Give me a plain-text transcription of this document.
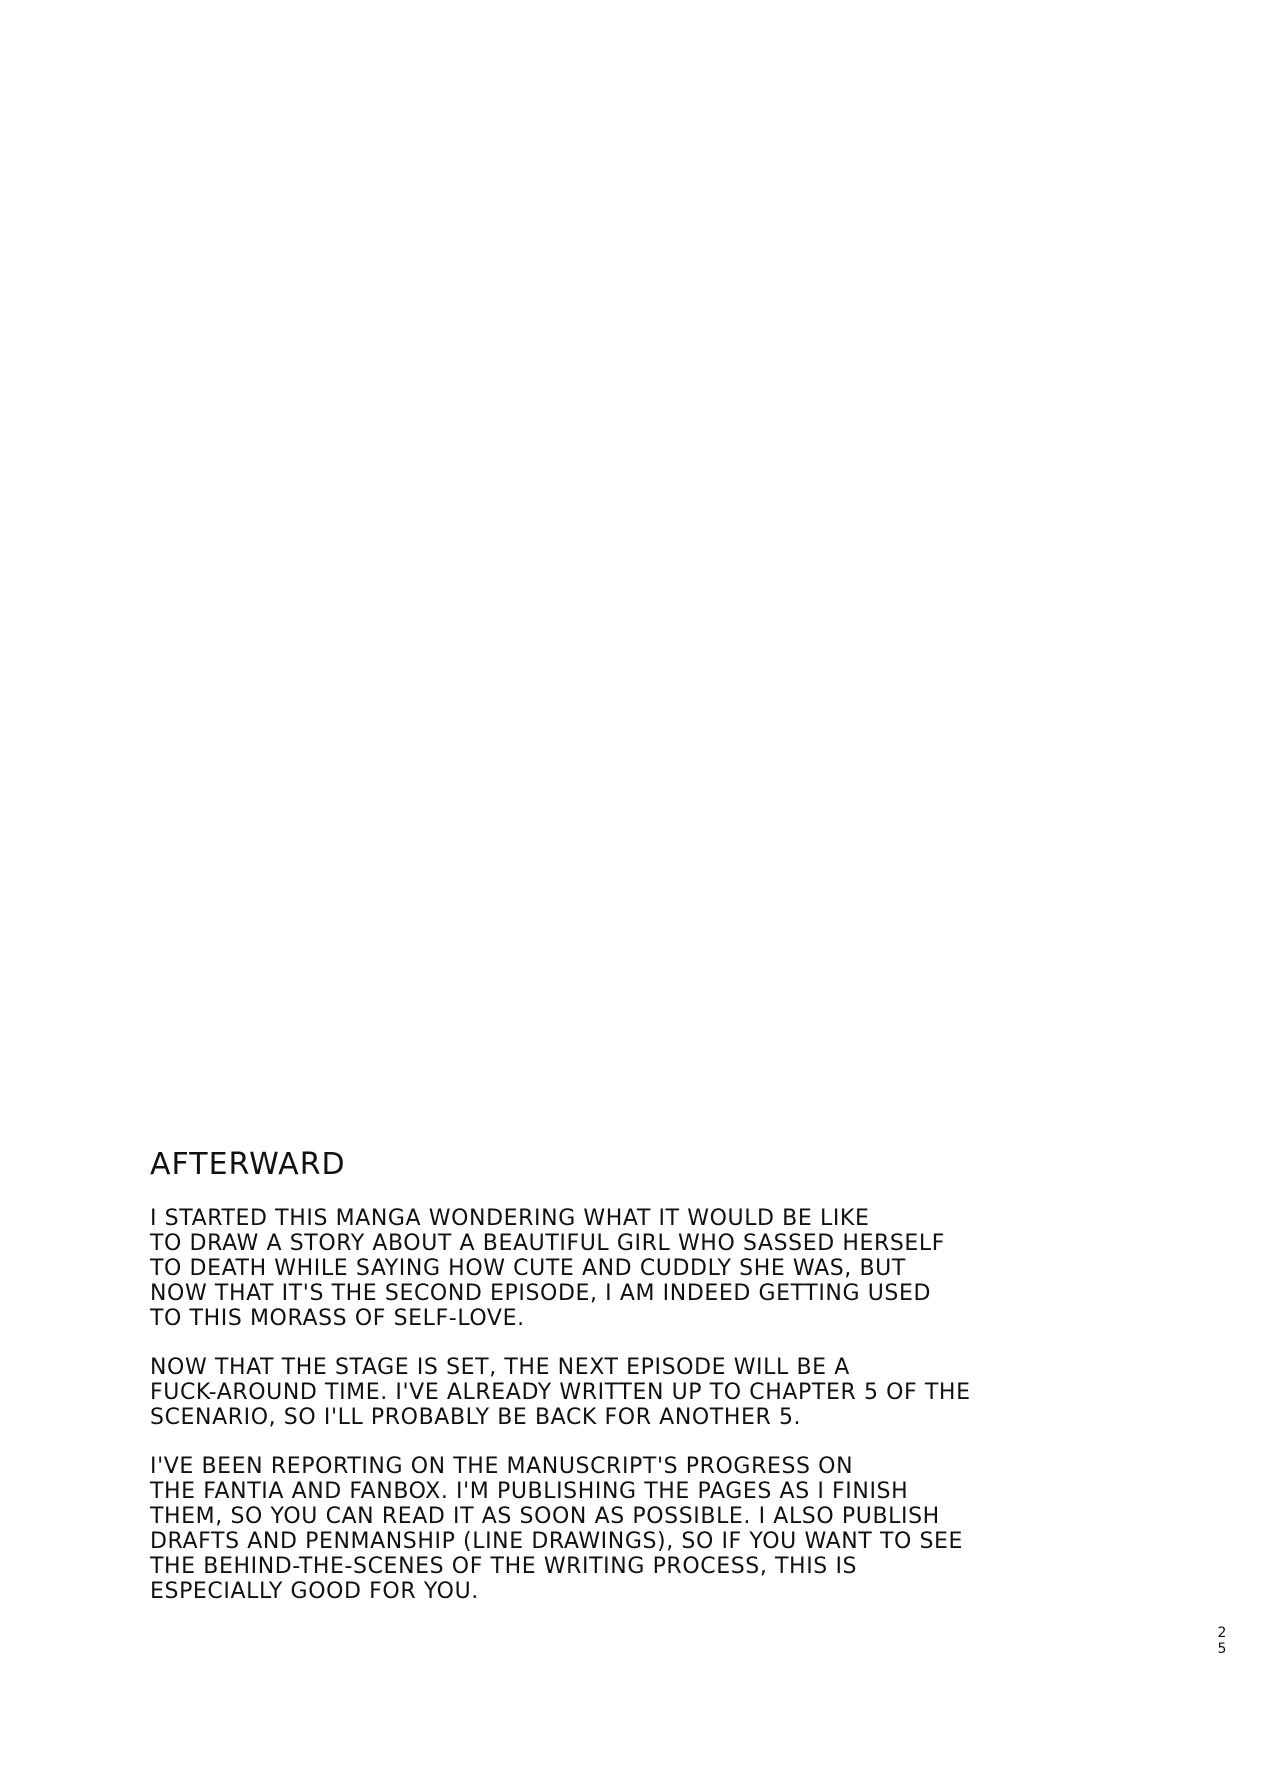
AFTERWARD
I STARTED THIS MANGA WONDERING WHAT IT WOULD BE LIKE
TO DRAW A STORY ABOUT A BEAUTIFUL GIRL WHO SASSED HERSELF
TO DEATH WHILE SAYING HOW CUTE AND CUDDLY SHE WAS, BUT
NOW THAT IT'S THE SECOND EPISODE, I AM INDEED GETTING USED
TO THIS MORASS OF SELF-LOVE.
NOW THAT THE STAGE IS SET, THE NEXT EPISODE WILL BE A
FUCK-AROUND TIME. I'VE ALREADY WRITTEN UP TO CHAPTER 5 OF THE
SCENARIO, SO I'LL PROBABLY BE BACK FOR ANOTHER 5.
I'VE BEEN REPORTING ON THE MANUSCRIPT'S PROGRESS ON
THE FANTIA AND FANBOX. I'M PUBLISHING THE PAGES AS I FINISH
THEM, SO YOU CAN READ IT AS SOON AS POSSIBLE. I ALSO PUBLISH
DRAFTS AND PENMANSHIP (LINE DRAWINGS), SO IF YOU WANT TO SEE
THE BEHIND-THE-SCENES OF THE WRITING PROCESS, THIS IS
ESPECIALLY GOOD FOR YOU.
2
5
